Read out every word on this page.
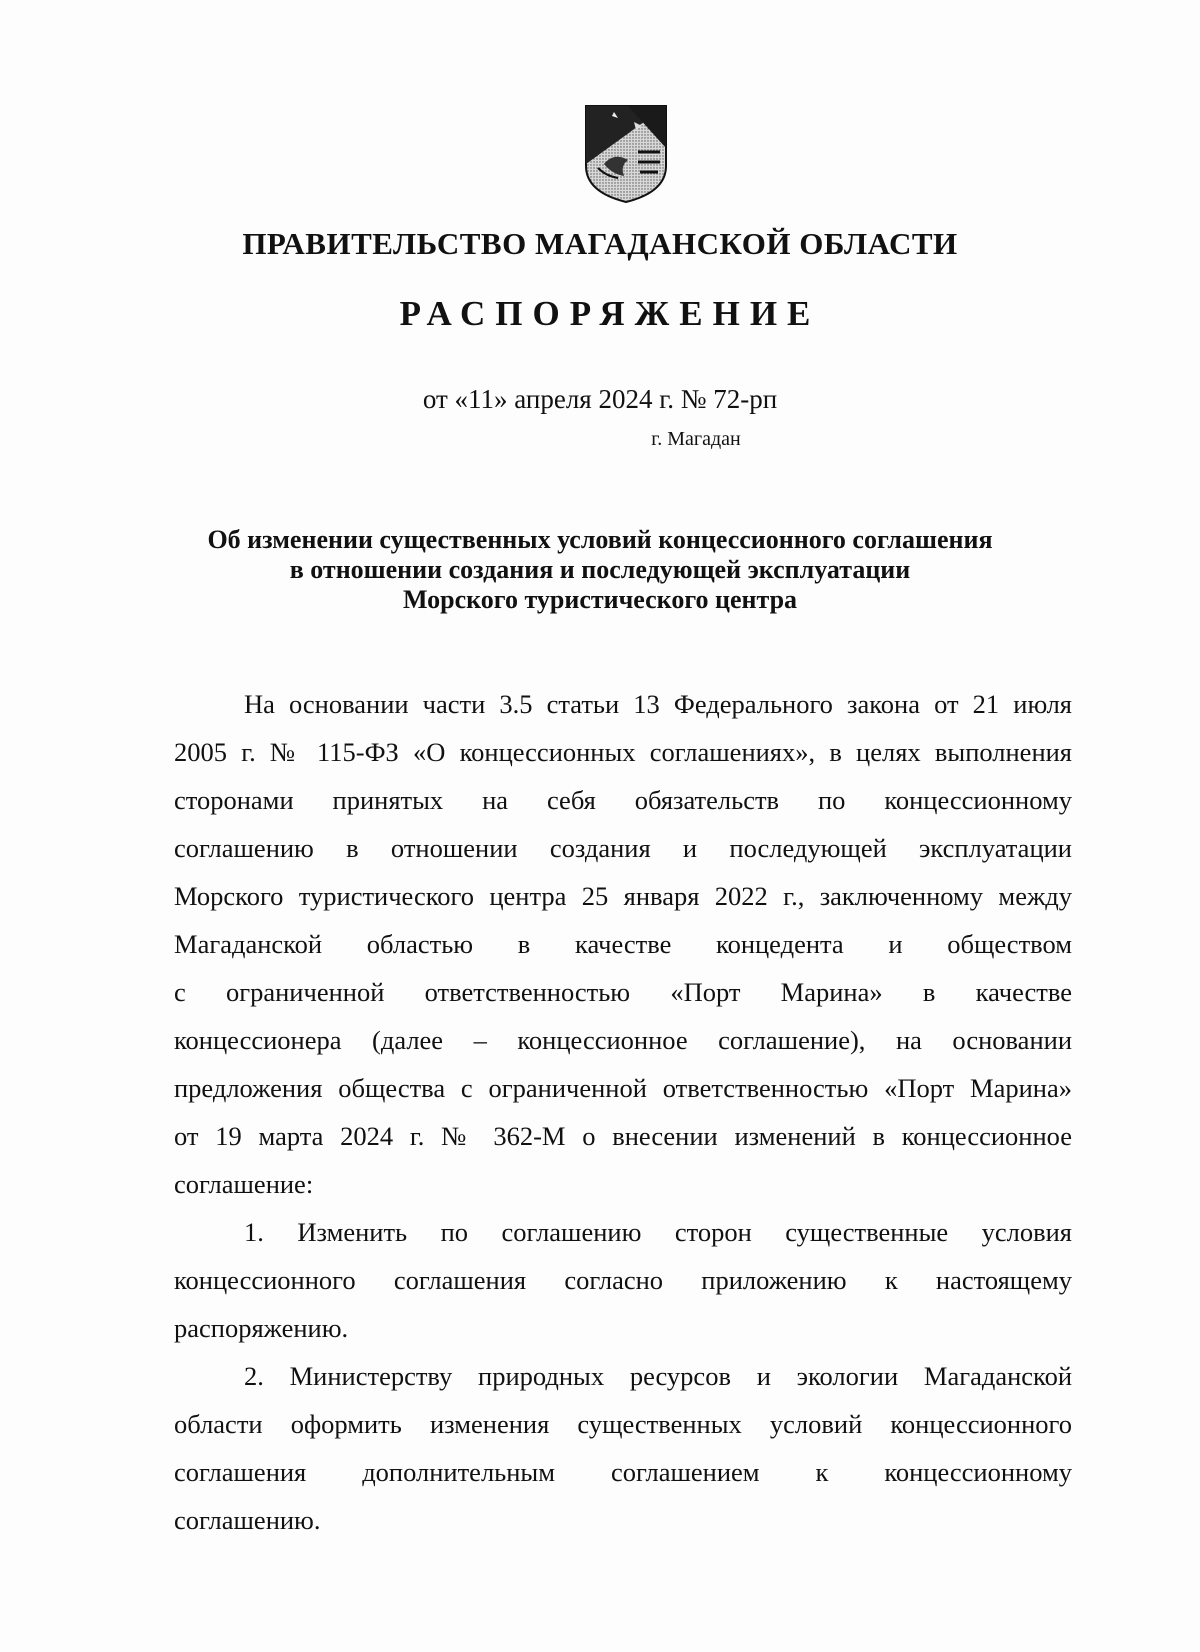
ПРАВИТЕЛЬСТВО МАГАДАНСКОЙ ОБЛАСТИ
РАСПОРЯЖЕНИЕ
от «11» апреля 2024 г. № 72-рп
г. Магадан
Об изменении существенных условий концессионного соглашения
в отношении создания и последующей эксплуатации
Морского туристического центра
На основании части 3.5 статьи 13 Федерального закона от 21 июля
2005 г. № 115-ФЗ «О концессионных соглашениях», в целях выполнения
сторонами принятых на себя обязательств по концессионному
соглашению в отношении создания и последующей эксплуатации
Морского туристического центра 25 января 2022 г., заключенному между
Магаданской областью в качестве концедента и обществом
с ограниченной ответственностью «Порт Марина» в качестве
концессионера (далее – концессионное соглашение), на основании
предложения общества с ограниченной ответственностью «Порт Марина»
от 19 марта 2024 г. № 362-М о внесении изменений в концессионное
соглашение:
1. Изменить по соглашению сторон существенные условия
концессионного соглашения согласно приложению к настоящему
распоряжению.
2. Министерству природных ресурсов и экологии Магаданской
области оформить изменения существенных условий концессионного
соглашения дополнительным соглашением к концессионному
соглашению.
